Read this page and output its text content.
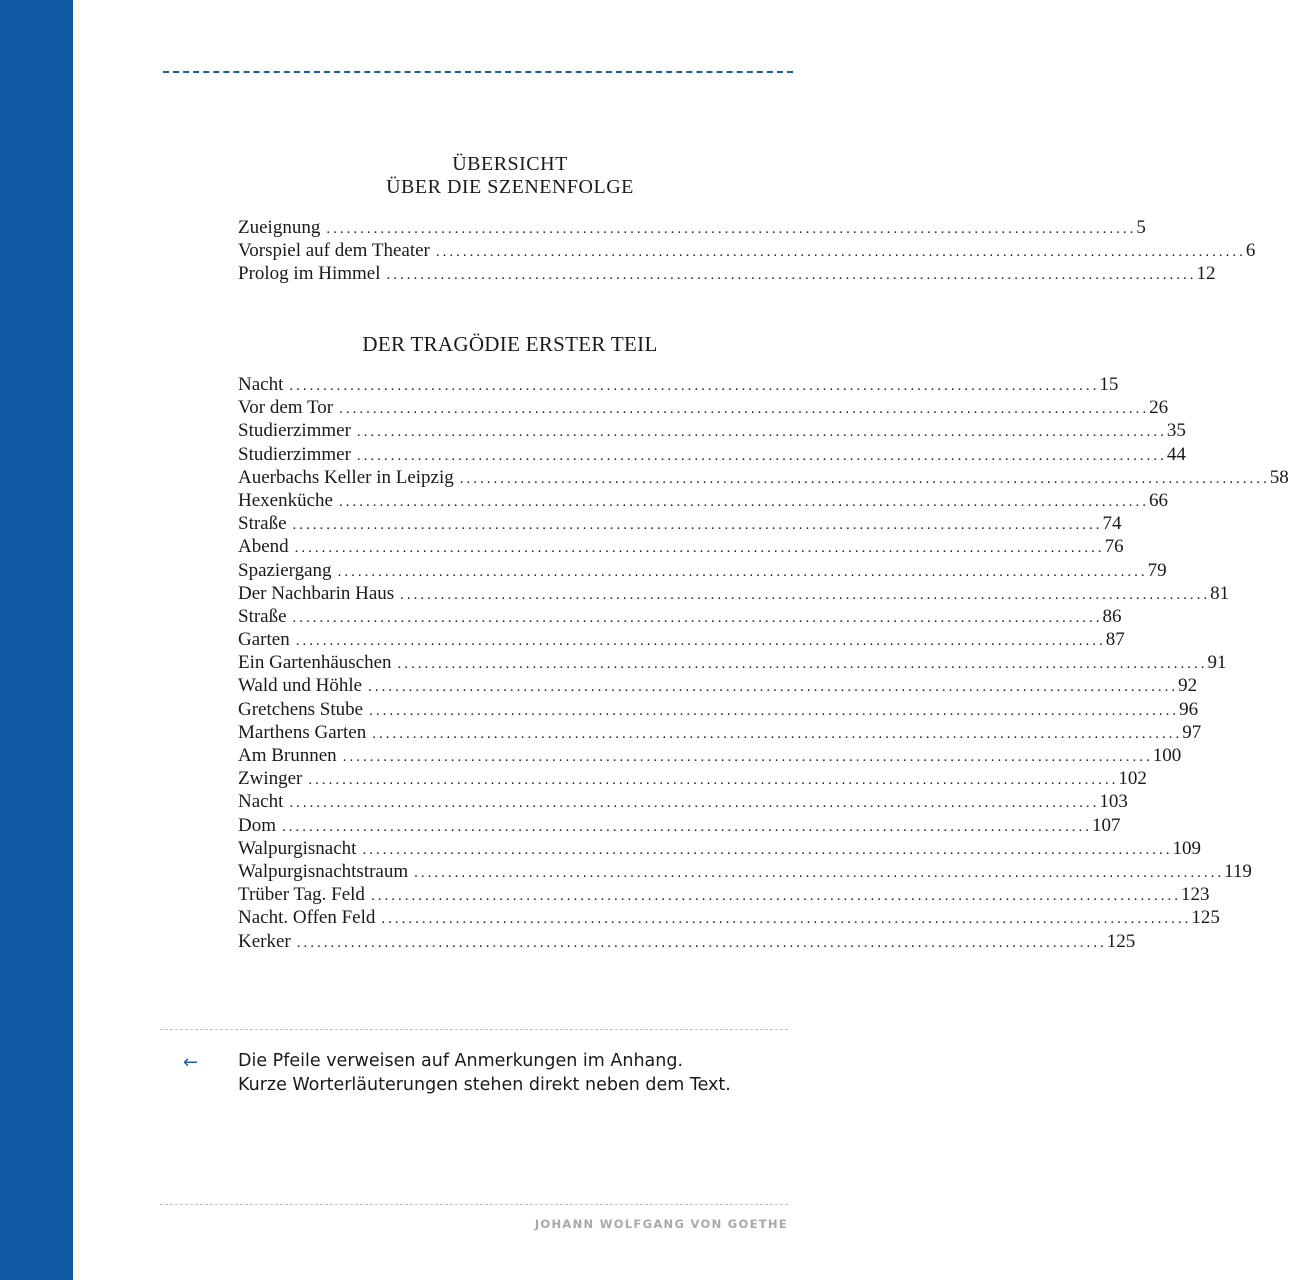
ÜBERSICHT
ÜBER DIE SZENENFOLGE
Zueignung ........................................................................................................................ 5
Vorspiel auf dem Theater ........................................................................................................................ 6
Prolog im Himmel ........................................................................................................................ 12
DER TRAGÖDIE ERSTER TEIL
Nacht ........................................................................................................................ 15
Vor dem Tor ........................................................................................................................ 26
Studierzimmer ........................................................................................................................ 35
Studierzimmer ........................................................................................................................ 44
Auerbachs Keller in Leipzig ........................................................................................................................ 58
Hexenküche ........................................................................................................................ 66
Straße ........................................................................................................................ 74
Abend ........................................................................................................................ 76
Spaziergang ........................................................................................................................ 79
Der Nachbarin Haus ........................................................................................................................ 81
Straße ........................................................................................................................ 86
Garten ........................................................................................................................ 87
Ein Gartenhäuschen ........................................................................................................................ 91
Wald und Höhle ........................................................................................................................ 92
Gretchens Stube ........................................................................................................................ 96
Marthens Garten ........................................................................................................................ 97
Am Brunnen ........................................................................................................................ 100
Zwinger ........................................................................................................................ 102
Nacht ........................................................................................................................ 103
Dom ........................................................................................................................ 107
Walpurgisnacht ........................................................................................................................ 109
Walpurgisnachtstraum ........................................................................................................................ 119
Trüber Tag. Feld ........................................................................................................................ 123
Nacht. Offen Feld ........................................................................................................................ 125
Kerker ........................................................................................................................ 125
← Die Pfeile verweisen auf Anmerkungen im Anhang.
Kurze Worterläuterungen stehen direkt neben dem Text.
JOHANN WOLFGANG VON GOETHE
